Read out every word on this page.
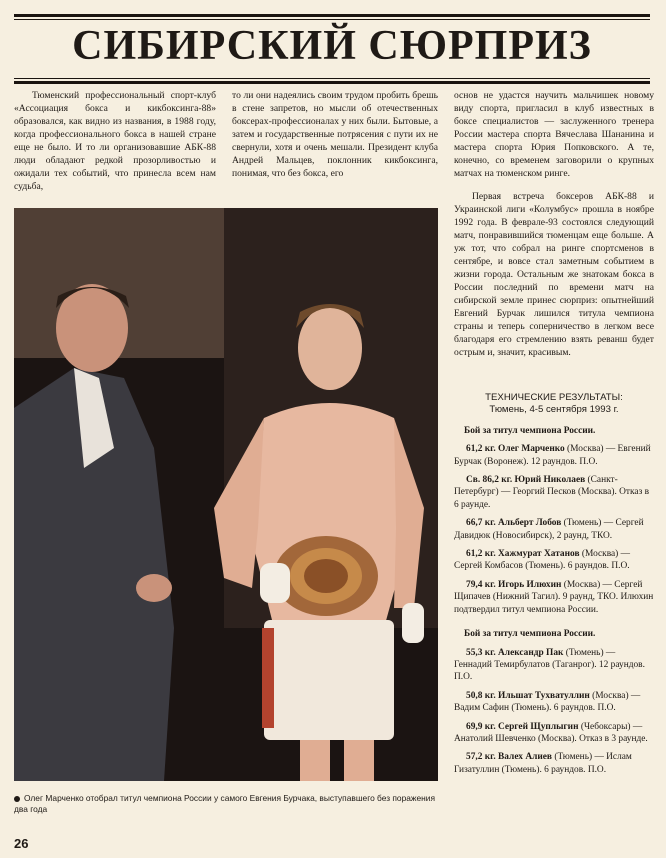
СИБИРСКИЙ СЮРПРИЗ

Тюменский профессиональный спорт-клуб «Ассоциация бокса и кикбоксинга-88» образовался, как видно из названия, в 1988 году, когда профессионального бокса в нашей стране еще не было. И то ли организовавшие АБК-88 люди обладают редкой прозорливостью и ожидали тех событий, что принесла всем нам судьба,

то ли они надеялись своим трудом пробить брешь в стене запретов, но мысли об отечественных боксерах-профессионалах у них были. Бытовые, а затем и государственные потрясения с пути их не свернули, хотя и очень мешали. Президент клуба Андрей Мальцев, поклонник кикбоксинга, понимая, что без бокса, его

основ не удастся научить мальчишек новому виду спорта, пригласил в клуб известных в боксе специалистов — заслуженного тренера России мастера спорта Вячеслава Шананина и мастера спорта Юрия Попковского. А те, конечно, со временем заговорили о крупных матчах на тюменском ринге.

Первая встреча боксеров АБК-88 и Украинской лиги «Колумбус» прошла в ноябре 1992 года. В феврале-93 состоялся следующий матч, понравившийся тюменцам еще больше. А уж тот, что собрал на ринге спортсменов в сентябре, и вовсе стал заметным событием в жизни города. Остальным же знатокам бокса в России последний по времени матч на сибирской земле принес сюрприз: опытнейший Евгений Бурчак лишился титула чемпиона страны и теперь соперничество в легком весе благодаря его стремлению взять реванш будет острым и, значит, красивым.

Олег Марченко отобрал титул чемпиона России у самого Евгения Бурчака, выступавшего без поражения два года
ТЕХНИЧЕСКИЕ РЕЗУЛЬТАТЫ:
Тюмень, 4-5 сентября 1993 г.
Бой за титул чемпиона России.
61,2 кг. Олег Марченко (Москва) — Евгений Бурчак (Воронеж). 12 раундов. П.О.
Св. 86,2 кг. Юрий Николаев (Санкт-Петербург) — Георгий Песков (Москва). Отказ в 6 раунде.
66,7 кг. Альберт Лобов (Тюмень) — Сергей Давидюк (Новосибирск), 2 раунд, ТКО.
61,2 кг. Хажмурат Хатанов (Москва) — Сергей Комбасов (Тюмень). 6 раундов. П.О.
79,4 кг. Игорь Илюхин (Москва) — Сергей Щипачев (Нижний Тагил). 9 раунд, ТКО. Илюхин подтвердил титул чемпиона России.
Бой за титул чемпиона России.
55,3 кг. Александр Пак (Тюмень) — Геннадий Темирбулатов (Таганрог). 12 раундов. П.О.
50,8 кг. Ильшат Тухватуллин (Москва) — Вадим Сафин (Тюмень). 6 раундов. П.О.
69,9 кг. Сергей Щуплыгин (Чебоксары) — Анатолий Шевченко (Москва). Отказ в 3 раунде.
57,2 кг. Валех Алиев (Тюмень) — Ислам Гизатуллин (Тюмень). 6 раундов. П.О.
26
